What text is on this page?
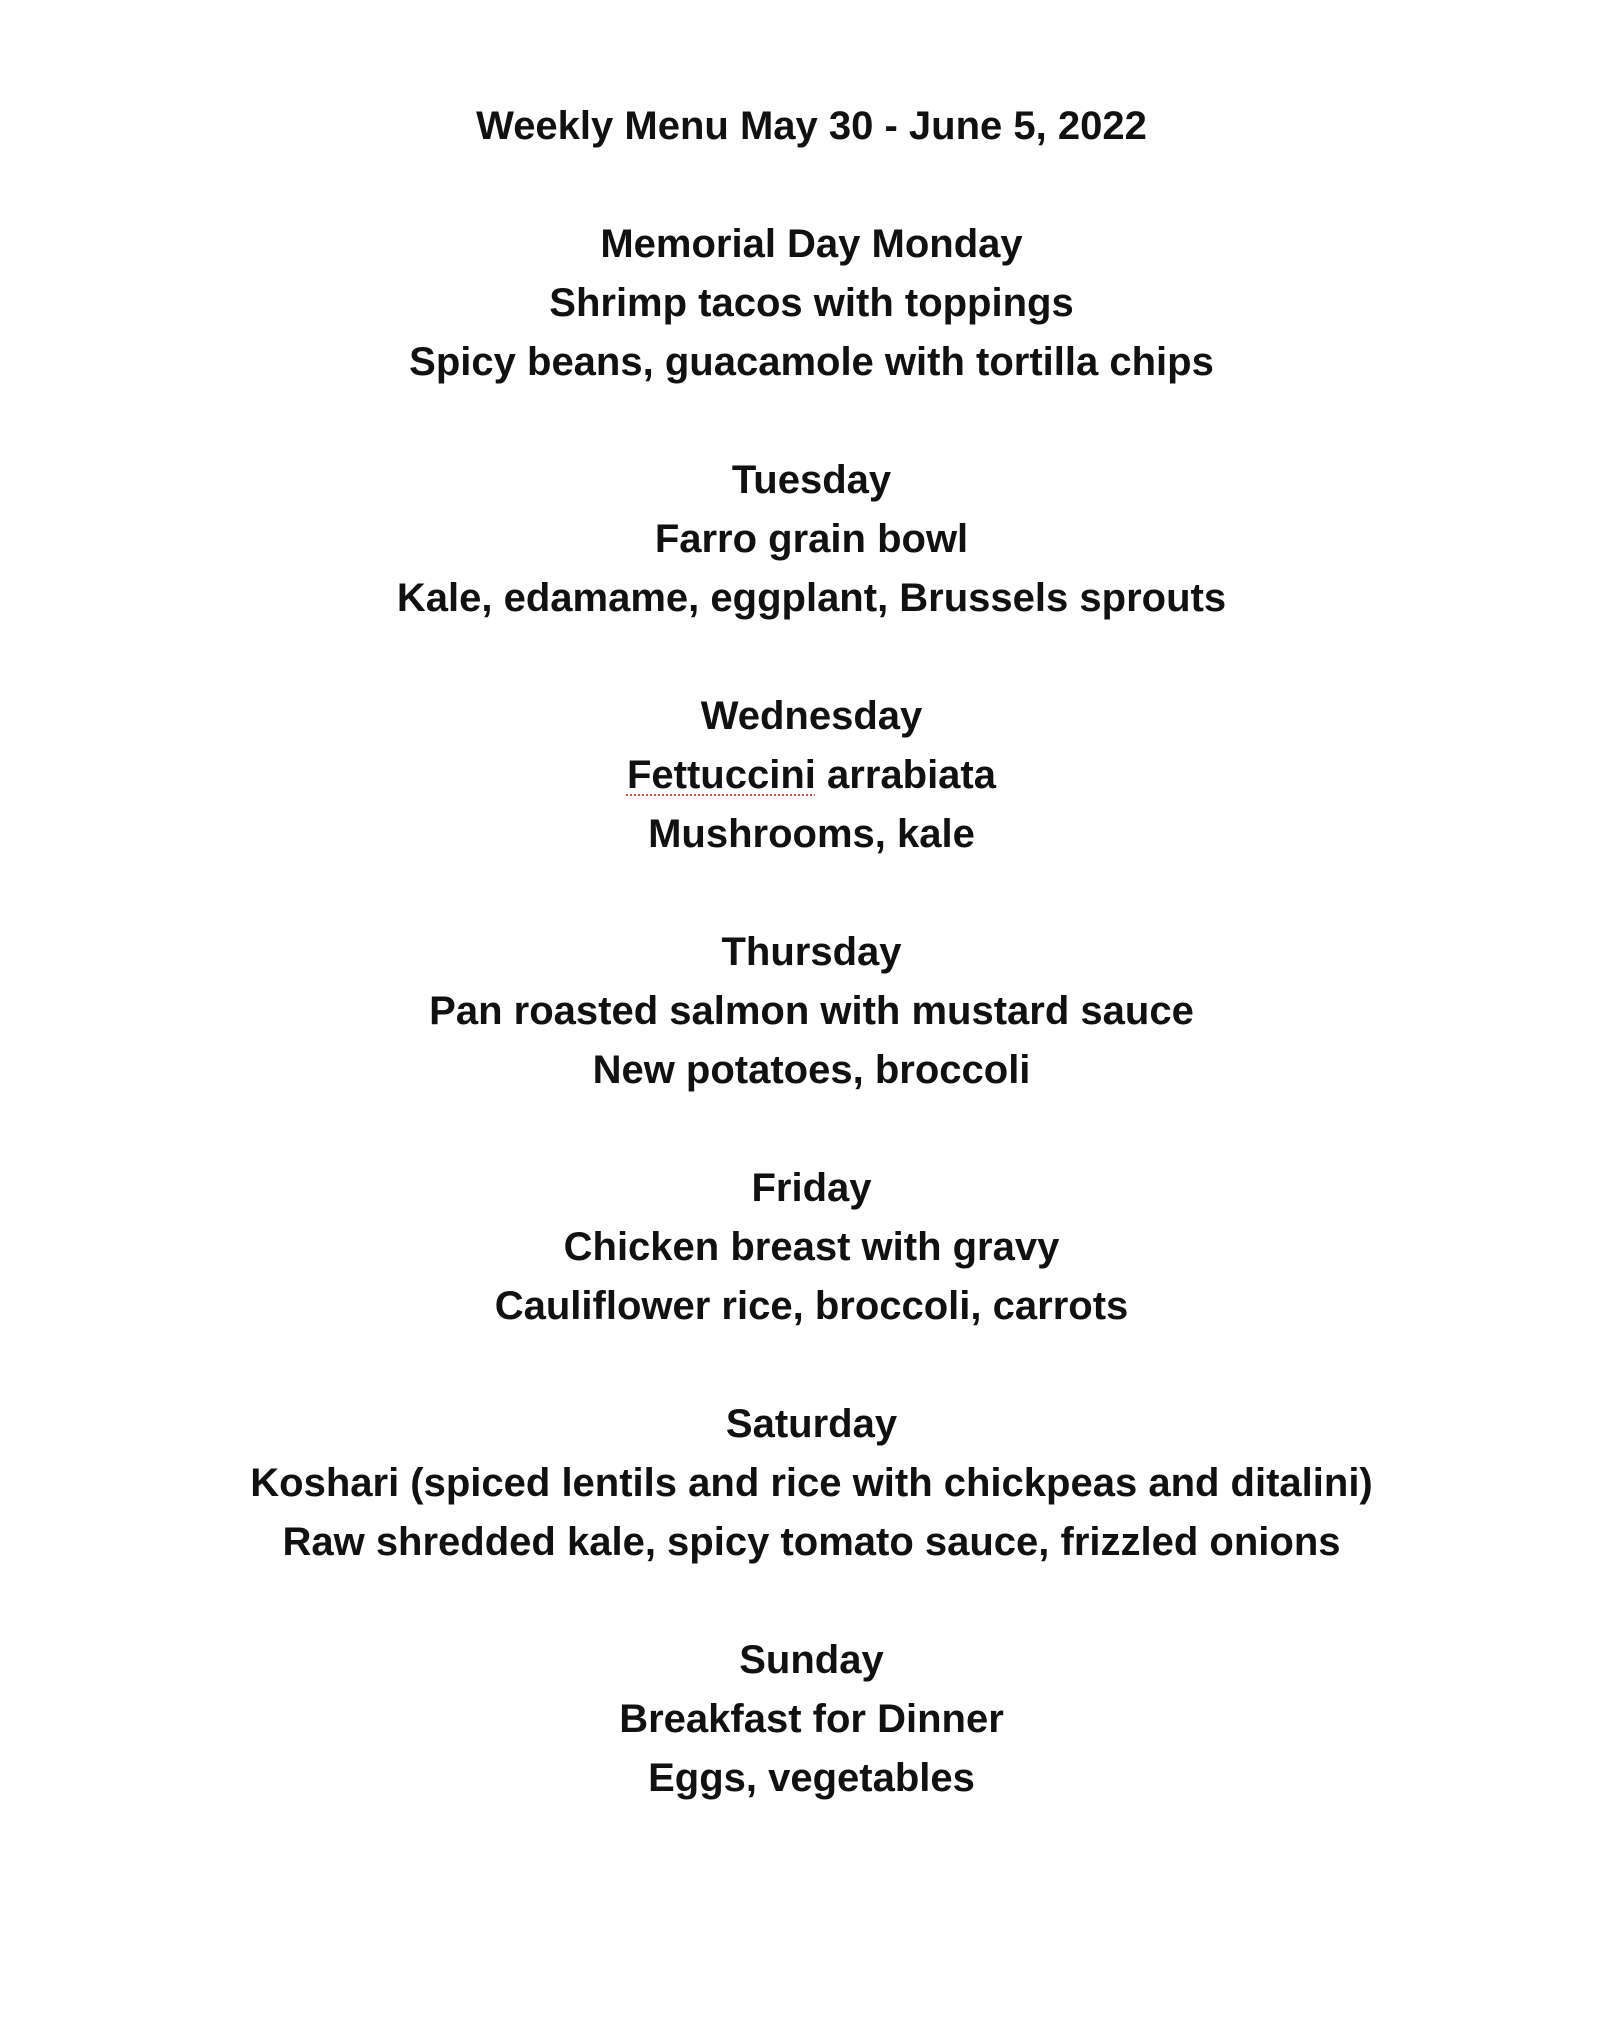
Weekly Menu May 30 - June 5, 2022
Memorial Day Monday
Shrimp tacos with toppings
Spicy beans, guacamole with tortilla chips
Tuesday
Farro grain bowl
Kale, edamame, eggplant, Brussels sprouts
Wednesday
Fettuccini arrabiata
Mushrooms, kale
Thursday
Pan roasted salmon with mustard sauce
New potatoes, broccoli
Friday
Chicken breast with gravy
Cauliflower rice, broccoli, carrots
Saturday
Koshari (spiced lentils and rice with chickpeas and ditalini)
Raw shredded kale, spicy tomato sauce, frizzled onions
Sunday
Breakfast for Dinner
Eggs, vegetables
